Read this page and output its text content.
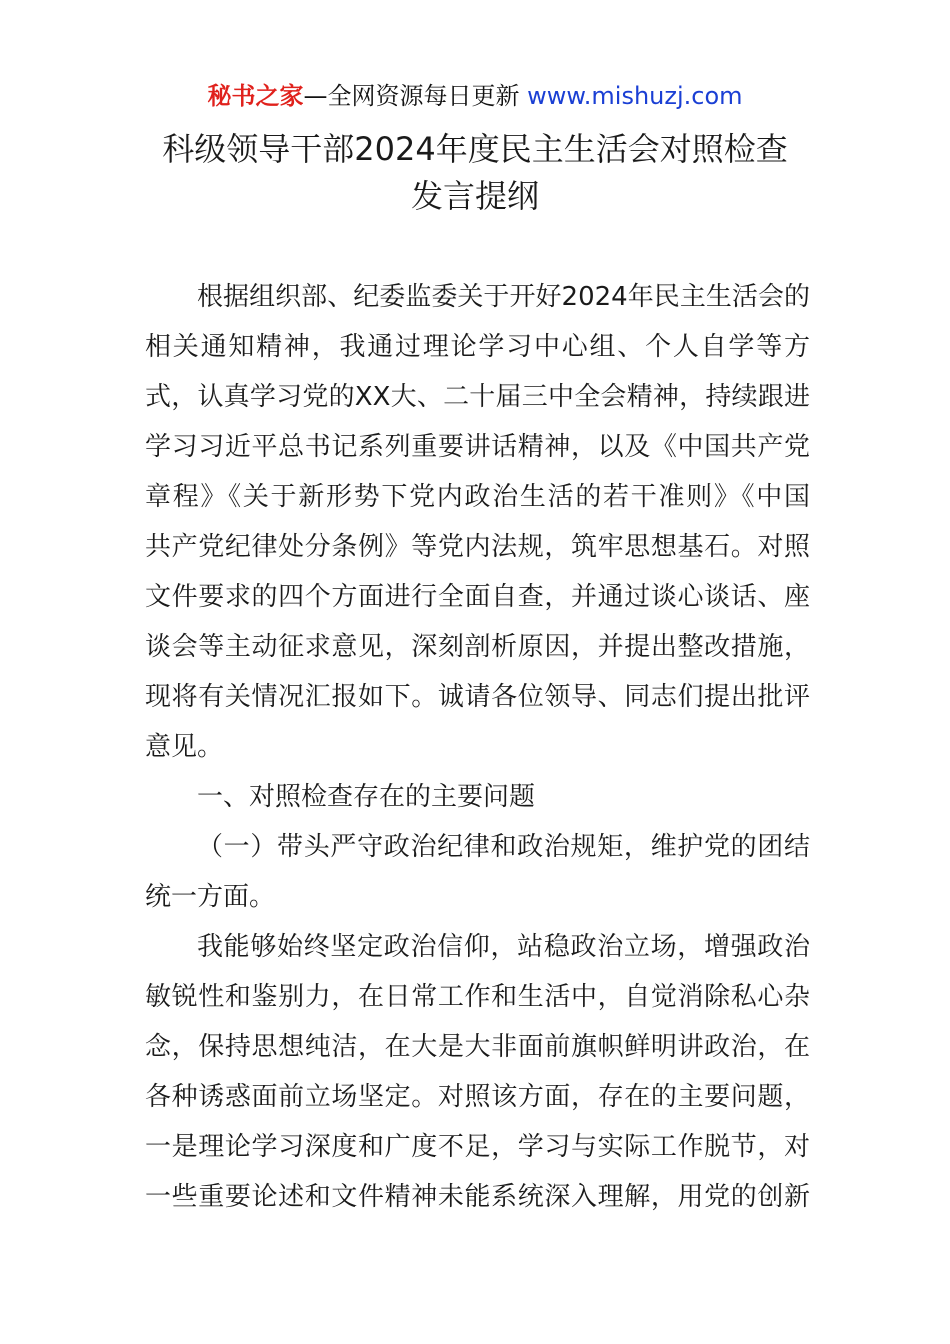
秘书之家—全网资源每日更新 www.mishuzj.com
科级领导干部2024年度民主生活会对照检查
发言提纲
根据组织部、纪委监委关于开好2024年民主生活会的
相关通知精神，我通过理论学习中心组、个人自学等方
式，认真学习党的XX大、二十届三中全会精神，持续跟进
学习习近平总书记系列重要讲话精神，以及《中国共产党
章程》《关于新形势下党内政治生活的若干准则》《中国
共产党纪律处分条例》等党内法规，筑牢思想基石。对照
文件要求的四个方面进行全面自查，并通过谈心谈话、座
谈会等主动征求意见，深刻剖析原因，并提出整改措施，
现将有关情况汇报如下。诚请各位领导、同志们提出批评
意见。
一、对照检查存在的主要问题
（一）带头严守政治纪律和政治规矩，维护党的团结
统一方面。
我能够始终坚定政治信仰，站稳政治立场，增强政治
敏锐性和鉴别力，在日常工作和生活中，自觉消除私心杂
念，保持思想纯洁，在大是大非面前旗帜鲜明讲政治，在
各种诱惑面前立场坚定。对照该方面，存在的主要问题，
一是理论学习深度和广度不足，学习与实际工作脱节，对
一些重要论述和文件精神未能系统深入理解，用党的创新
